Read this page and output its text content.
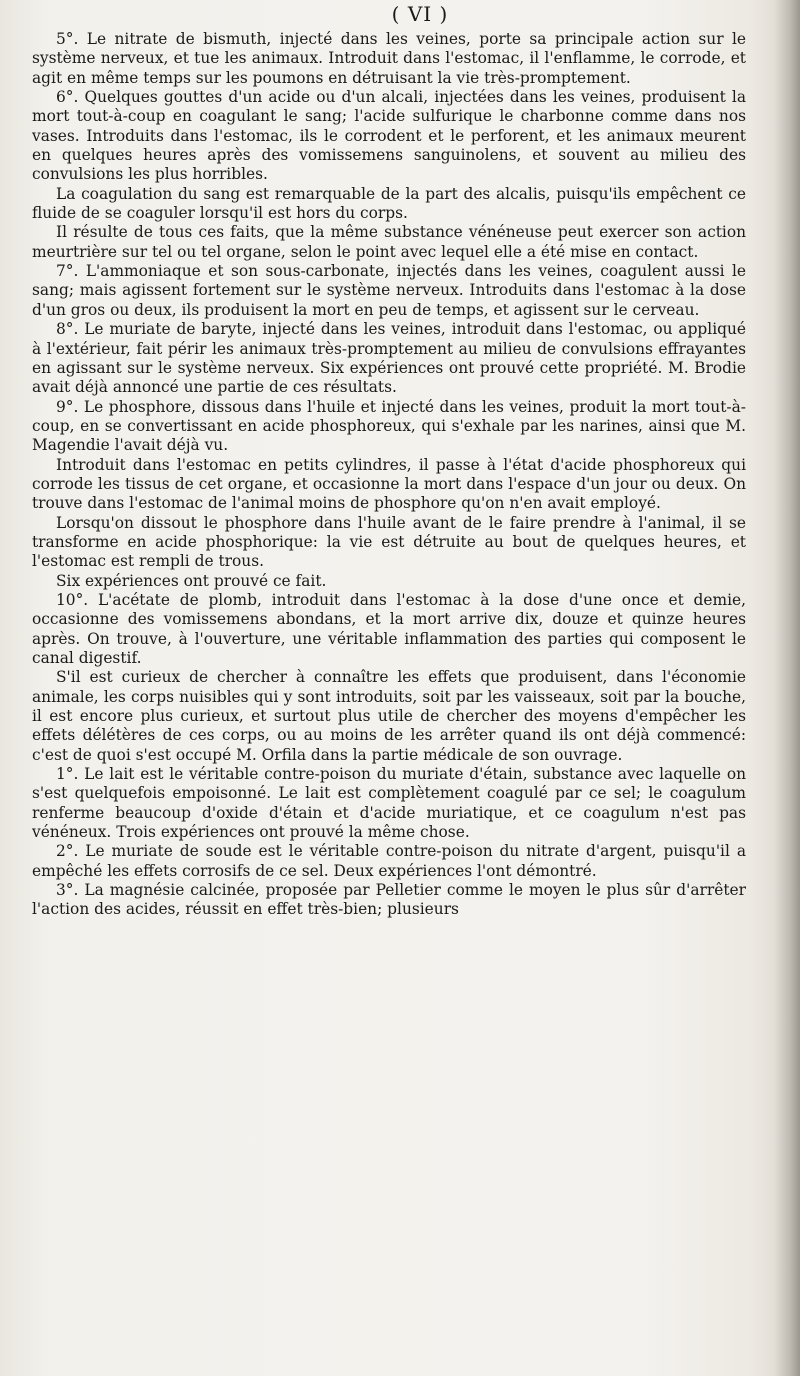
( VI )

5°. Le nitrate de bismuth, injecté dans les veines, porte sa principale action sur le système nerveux, et tue les animaux. Introduit dans l'estomac, il l'enflamme, le corrode, et agit en même temps sur les poumons en détruisant la vie très-promptement.

6°. Quelques gouttes d'un acide ou d'un alcali, injectées dans les veines, produisent la mort tout-à-coup en coagulant le sang; l'acide sulfurique le charbonne comme dans nos vases. Introduits dans l'estomac, ils le corrodent et le perforent, et les animaux meurent en quelques heures après des vomissemens sanguinolens, et souvent au milieu des convulsions les plus horribles.

La coagulation du sang est remarquable de la part des alcalis, puisqu'ils empêchent ce fluide de se coaguler lorsqu'il est hors du corps.

Il résulte de tous ces faits, que la même substance vénéneuse peut exercer son action meurtrière sur tel ou tel organe, selon le point avec lequel elle a été mise en contact.

7°. L'ammoniaque et son sous-carbonate, injectés dans les veines, coagulent aussi le sang; mais agissent fortement sur le système nerveux. Introduits dans l'estomac à la dose d'un gros ou deux, ils produisent la mort en peu de temps, et agissent sur le cerveau.

8°. Le muriate de baryte, injecté dans les veines, introduit dans l'estomac, ou appliqué à l'extérieur, fait périr les animaux très-promptement au milieu de convulsions effrayantes en agissant sur le système nerveux. Six expériences ont prouvé cette propriété. M. Brodie avait déjà annoncé une partie de ces résultats.

9°. Le phosphore, dissous dans l'huile et injecté dans les veines, produit la mort tout-à-coup, en se convertissant en acide phosphoreux, qui s'exhale par les narines, ainsi que M. Magendie l'avait déjà vu.

Introduit dans l'estomac en petits cylindres, il passe à l'état d'acide phosphoreux qui corrode les tissus de cet organe, et occasionne la mort dans l'espace d'un jour ou deux. On trouve dans l'estomac de l'animal moins de phosphore qu'on n'en avait employé.

Lorsqu'on dissout le phosphore dans l'huile avant de le faire prendre à l'animal, il se transforme en acide phosphorique: la vie est détruite au bout de quelques heures, et l'estomac est rempli de trous.

Six expériences ont prouvé ce fait.

10°. L'acétate de plomb, introduit dans l'estomac à la dose d'une once et demie, occasionne des vomissemens abondans, et la mort arrive dix, douze et quinze heures après. On trouve, à l'ouverture, une véritable inflammation des parties qui composent le canal digestif.

S'il est curieux de chercher à connaître les effets que produisent, dans l'économie animale, les corps nuisibles qui y sont introduits, soit par les vaisseaux, soit par la bouche, il est encore plus curieux, et surtout plus utile de chercher des moyens d'empêcher les effets délétères de ces corps, ou au moins de les arrêter quand ils ont déjà commencé: c'est de quoi s'est occupé M. Orfila dans la partie médicale de son ouvrage.

1°. Le lait est le véritable contre-poison du muriate d'étain, substance avec laquelle on s'est quelquefois empoisonné. Le lait est complètement coagulé par ce sel; le coagulum renferme beaucoup d'oxide d'étain et d'acide muriatique, et ce coagulum n'est pas vénéneux. Trois expériences ont prouvé la même chose.

2°. Le muriate de soude est le véritable contre-poison du nitrate d'argent, puisqu'il a empêché les effets corrosifs de ce sel. Deux expériences l'ont démontré.

3°. La magnésie calcinée, proposée par Pelletier comme le moyen le plus sûr d'arrêter l'action des acides, réussit en effet très-bien; plusieurs
